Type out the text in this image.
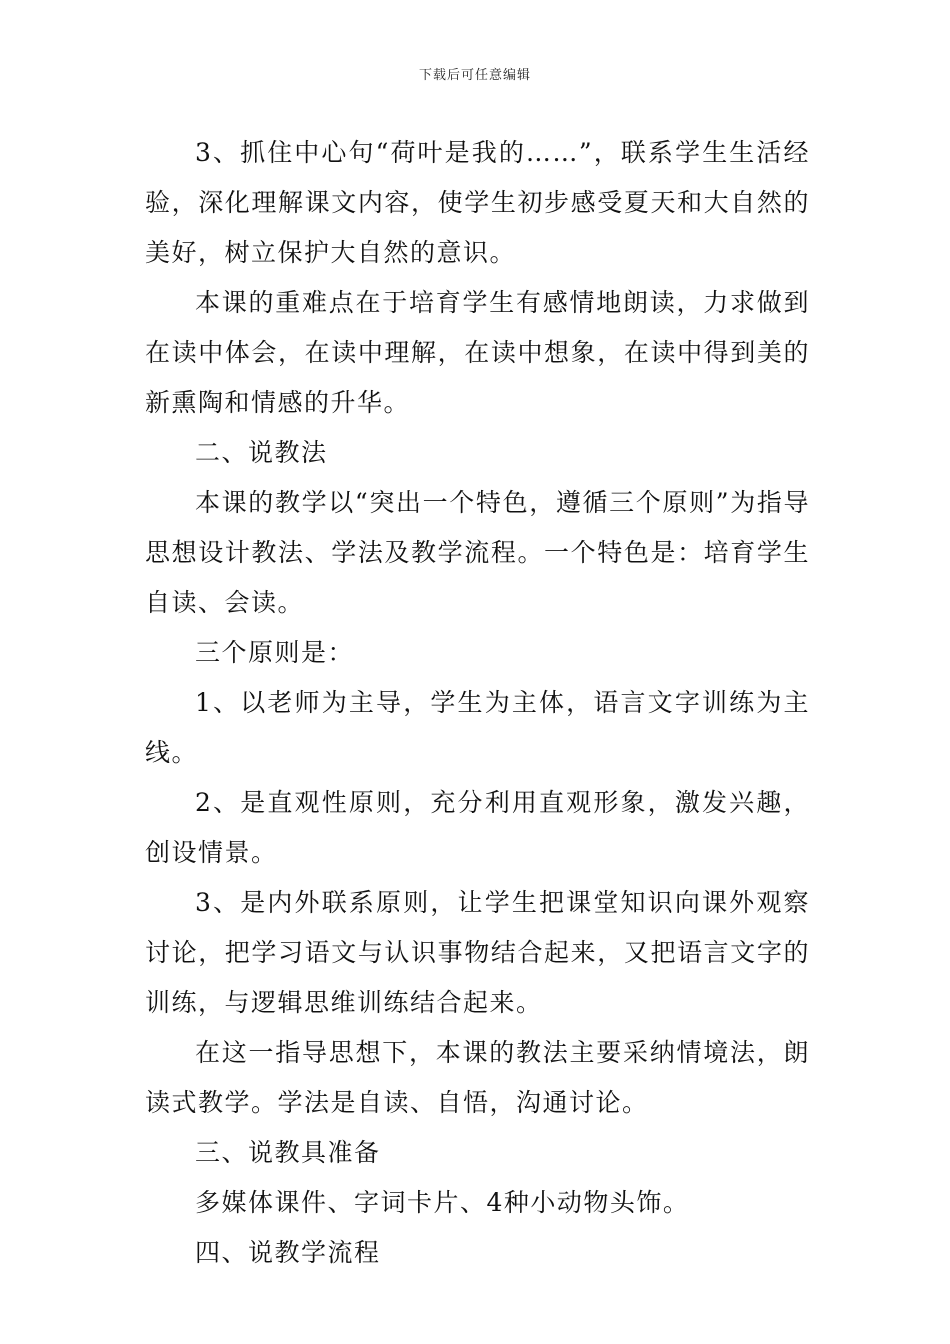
下载后可任意编辑

3、抓住中心句“荷叶是我的……”，联系学生生活经验，深化理解课文内容，使学生初步感受夏天和大自然的美好，树立保护大自然的意识。

本课的重难点在于培育学生有感情地朗读，力求做到在读中体会，在读中理解，在读中想象，在读中得到美的新熏陶和情感的升华。

二、说教法

本课的教学以“突出一个特色，遵循三个原则”为指导思想设计教法、学法及教学流程。一个特色是：培育学生自读、会读。

三个原则是：

1、以老师为主导，学生为主体，语言文字训练为主线。

2、是直观性原则，充分利用直观形象，激发兴趣，创设情景。

3、是内外联系原则，让学生把课堂知识向课外观察讨论，把学习语文与认识事物结合起来，又把语言文字的训练，与逻辑思维训练结合起来。

在这一指导思想下，本课的教法主要采纳情境法，朗读式教学。学法是自读、自悟，沟通讨论。

三、说教具准备

多媒体课件、字词卡片、4种小动物头饰。

四、说教学流程
